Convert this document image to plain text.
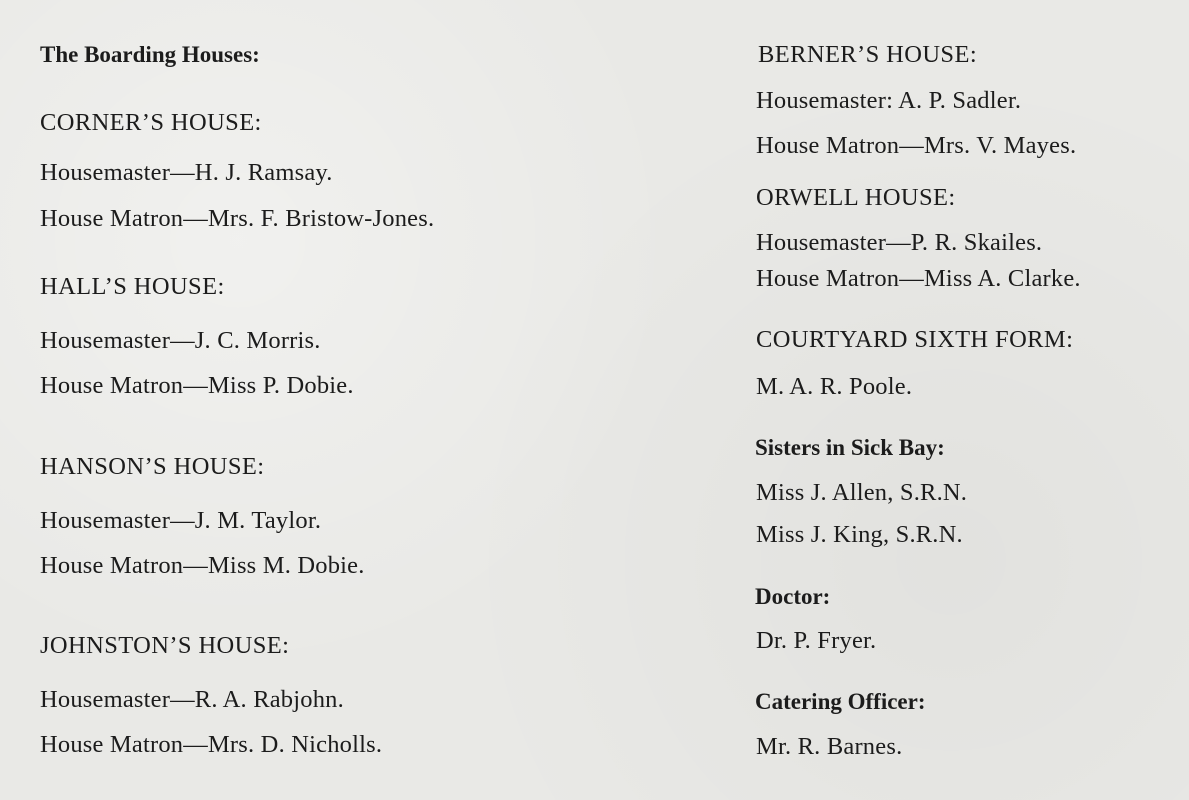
The Boarding Houses:
CORNER’S HOUSE:
Housemaster—H. J. Ramsay.
House Matron—Mrs. F. Bristow-Jones.
HALL’S HOUSE:
Housemaster—J. C. Morris.
House Matron—Miss P. Dobie.
HANSON’S HOUSE:
Housemaster—J. M. Taylor.
House Matron—Miss M. Dobie.
JOHNSTON’S HOUSE:
Housemaster—R. A. Rabjohn.
House Matron—Mrs. D. Nicholls.
BERNER’S HOUSE:
Housemaster: A. P. Sadler.
House Matron—Mrs. V. Mayes.
ORWELL HOUSE:
Housemaster—P. R. Skailes.
House Matron—Miss A. Clarke.
COURTYARD SIXTH FORM:
M. A. R. Poole.
Sisters in Sick Bay:
Miss J. Allen, S.R.N.
Miss J. King, S.R.N.
Doctor:
Dr. P. Fryer.
Catering Officer:
Mr. R. Barnes.
